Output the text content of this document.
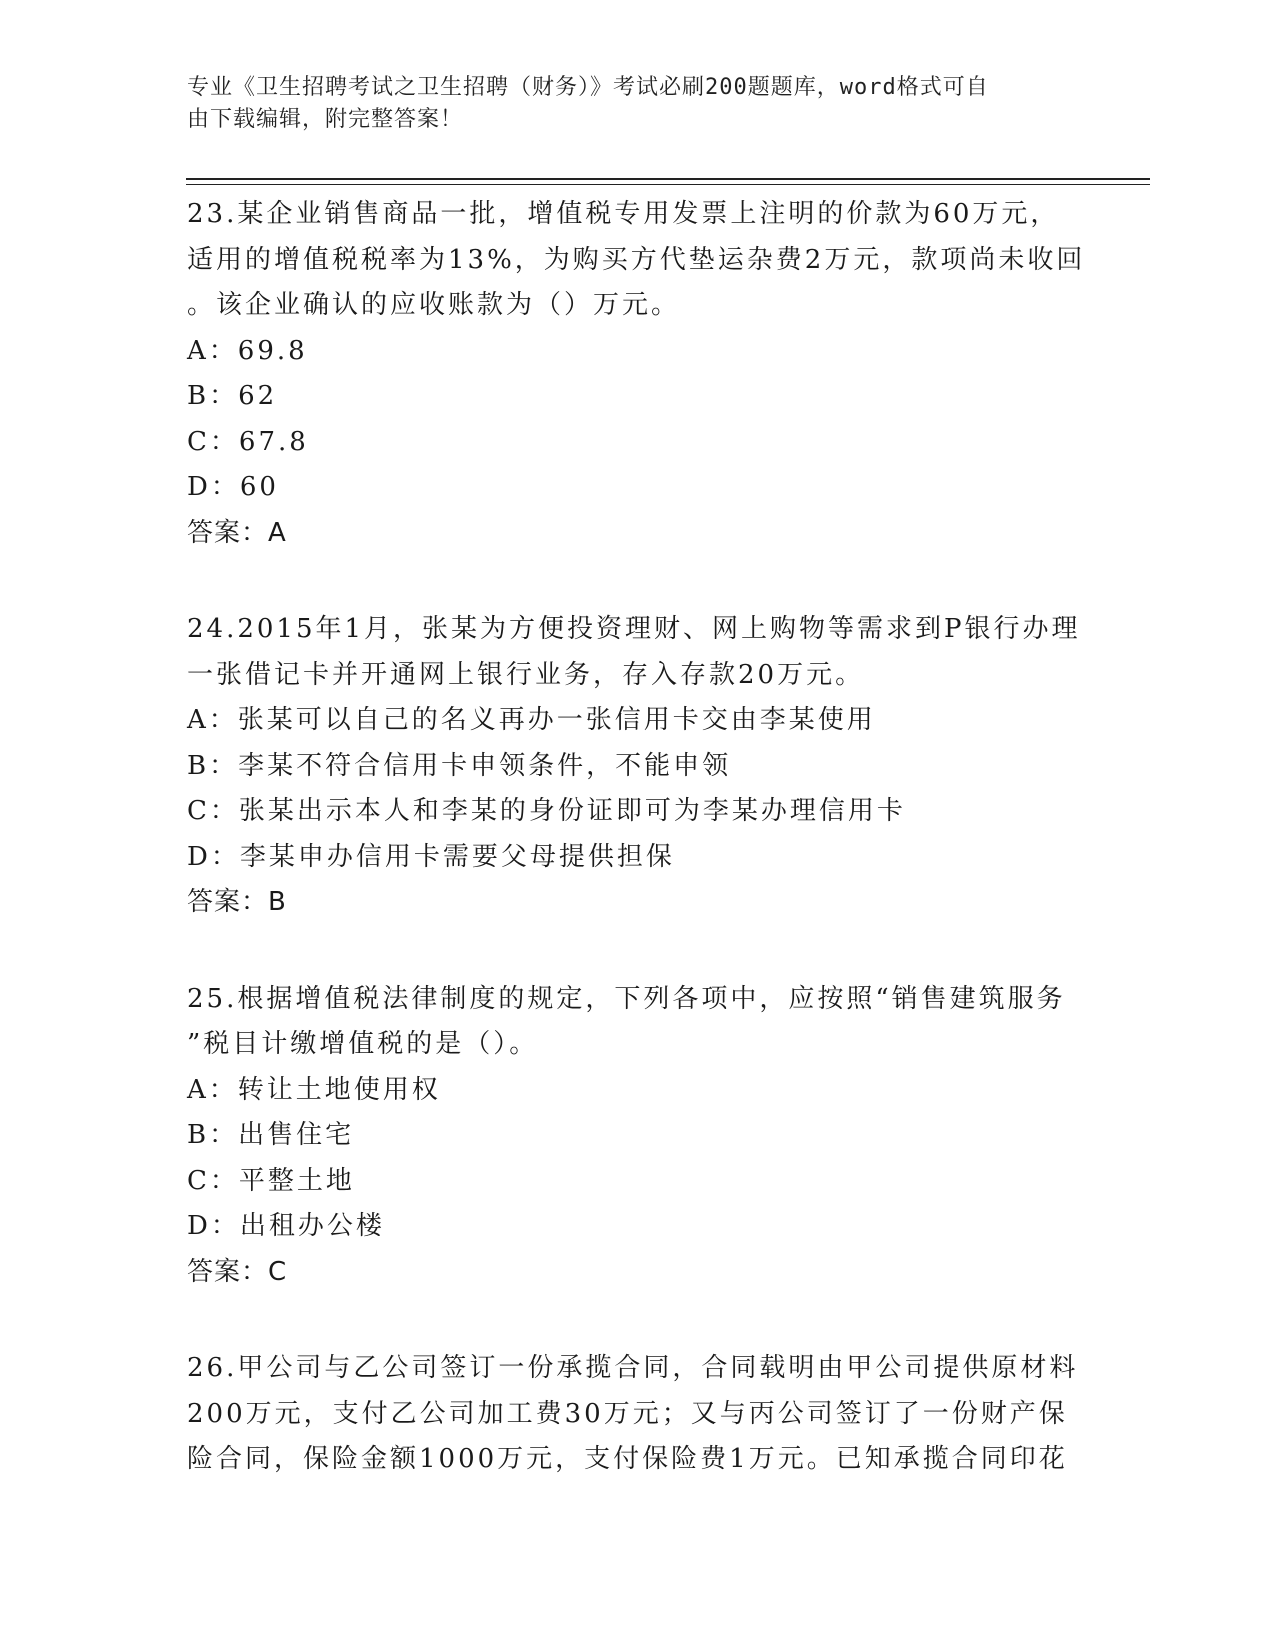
专业《卫生招聘考试之卫生招聘（财务）》考试必刷200题题库，word格式可自
由下载编辑，附完整答案！
23.某企业销售商品一批，增值税专用发票上注明的价款为60万元，
适用的增值税税率为13%，为购买方代垫运杂费2万元，款项尚未收回
。该企业确认的应收账款为（）万元。
A：69.8
B：62
C：67.8
D：60
答案：A
24.2015年1月，张某为方便投资理财、网上购物等需求到P银行办理
一张借记卡并开通网上银行业务，存入存款20万元。
A：张某可以自己的名义再办一张信用卡交由李某使用
B：李某不符合信用卡申领条件，不能申领
C：张某出示本人和李某的身份证即可为李某办理信用卡
D：李某申办信用卡需要父母提供担保
答案：B
25.根据增值税法律制度的规定，下列各项中，应按照“销售建筑服务
”税目计缴增值税的是（）。
A：转让土地使用权
B：出售住宅
C：平整土地
D：出租办公楼
答案：C
26.甲公司与乙公司签订一份承揽合同，合同载明由甲公司提供原材料
200万元，支付乙公司加工费30万元；又与丙公司签订了一份财产保
险合同，保险金额1000万元，支付保险费1万元。已知承揽合同印花
